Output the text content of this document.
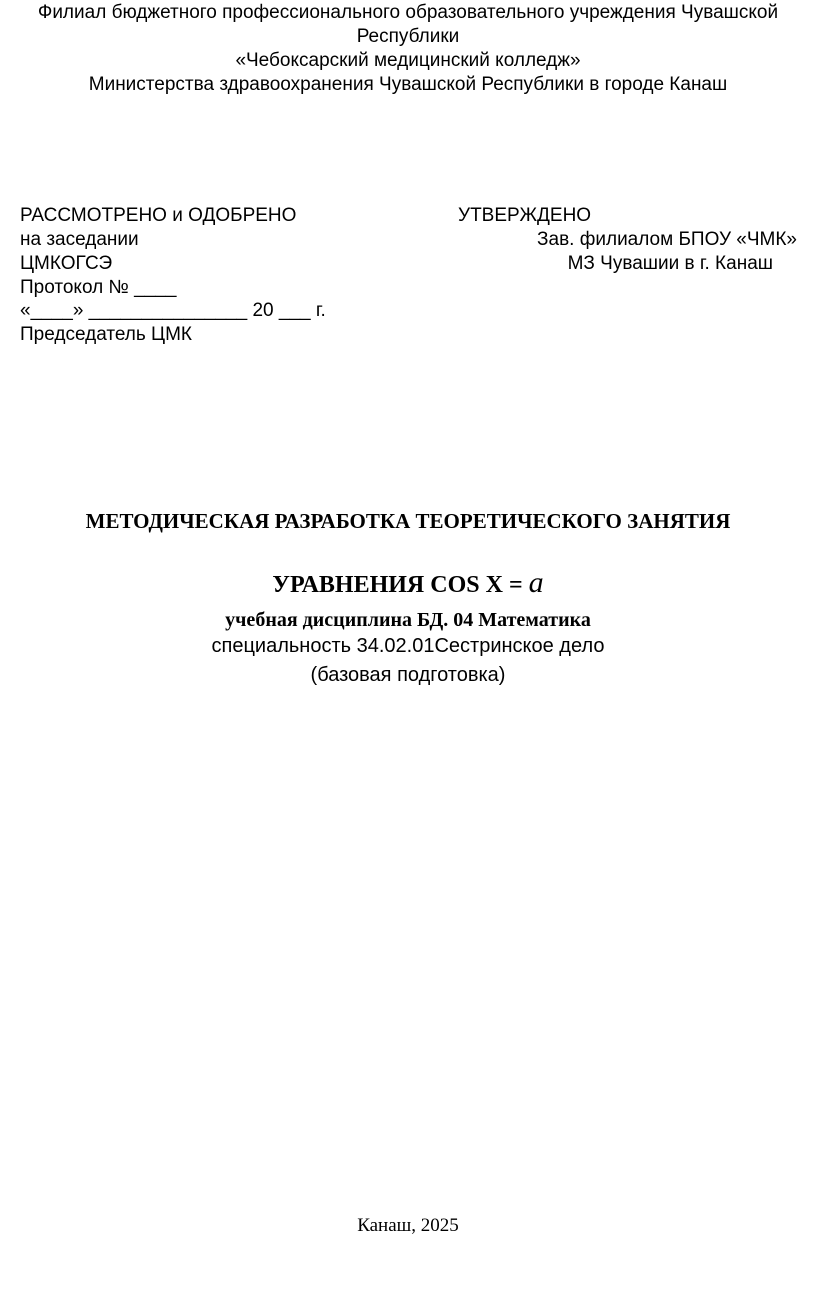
Филиал бюджетного профессионального образовательного учреждения Чувашской
Республики
«Чебоксарский медицинский колледж»
Министерства здравоохранения Чувашской Республики в городе Канаш
РАССМОТРЕНО и ОДОБРЕНО
на заседании
ЦМКОГСЭ
Протокол № ____
«____» _______________ 20 ___ г.
Председатель ЦМК
УТВЕРЖДЕНО
Зав. филиалом БПОУ «ЧМК»
МЗ Чувашии в г. Канаш
МЕТОДИЧЕСКАЯ РАЗРАБОТКА ТЕОРЕТИЧЕСКОГО ЗАНЯТИЯ
УРАВНЕНИЯ COS X = a
учебная дисциплина БД. 04 Математика
специальность 34.02.01Сестринское дело
(базовая подготовка)
Канаш, 2025
